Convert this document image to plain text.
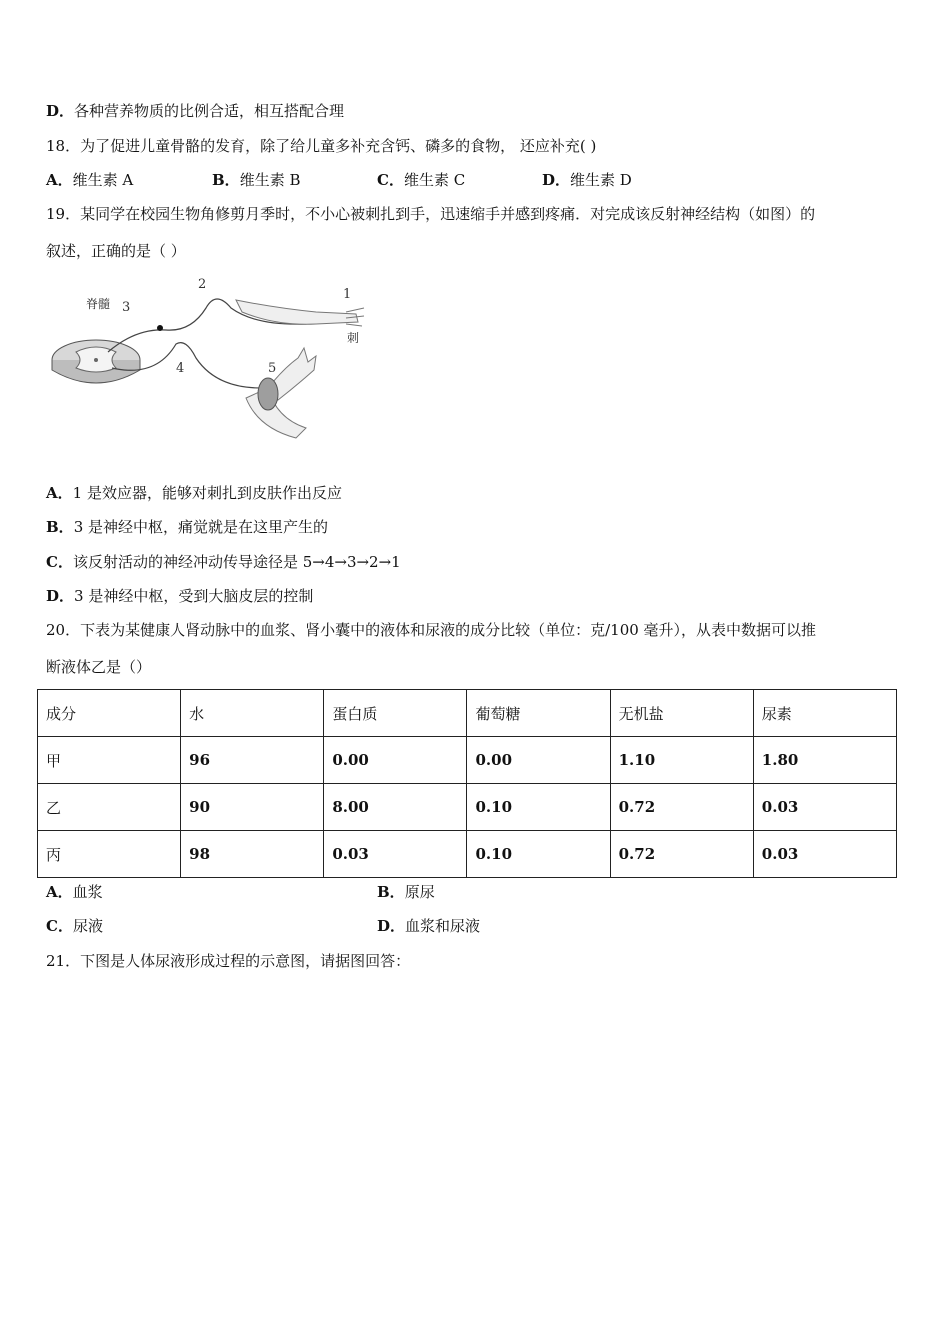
D．各种营养物质的比例合适，相互搭配合理
18．为了促进儿童骨骼的发育，除了给儿童多补充含钙、磷多的食物， 还应补充( )
A．维生素 A	B．维生素 B	C．维生素 C	D．维生素 D
19．某同学在校园生物角修剪月季时，不小心被刺扎到手，迅速缩手并感到疼痛．对完成该反射神经结构（如图）的
叙述，正确的是（ ）
脊髓 3
2
1
刺
4	5
A．1 是效应器，能够对刺扎到皮肤作出反应
B．3 是神经中枢，痛觉就是在这里产生的
C．该反射活动的神经冲动传导途径是 5→4→3→2→1
D．3 是神经中枢，受到大脑皮层的控制
20．下表为某健康人肾动脉中的血浆、肾小囊中的液体和尿液的成分比较（单位：克/100 毫升），从表中数据可以推
断液体乙是（）
成分	水	蛋白质	葡萄糖	无机盐	尿素
甲	96	0.00	0.00	1.10	1.80
乙	90	8.00	0.10	0.72	0.03
丙	98	0.03	0.10	0.72	0.03
A．血浆	B．原尿
C．尿液	D．血浆和尿液
21．下图是人体尿液形成过程的示意图，请据图回答：
